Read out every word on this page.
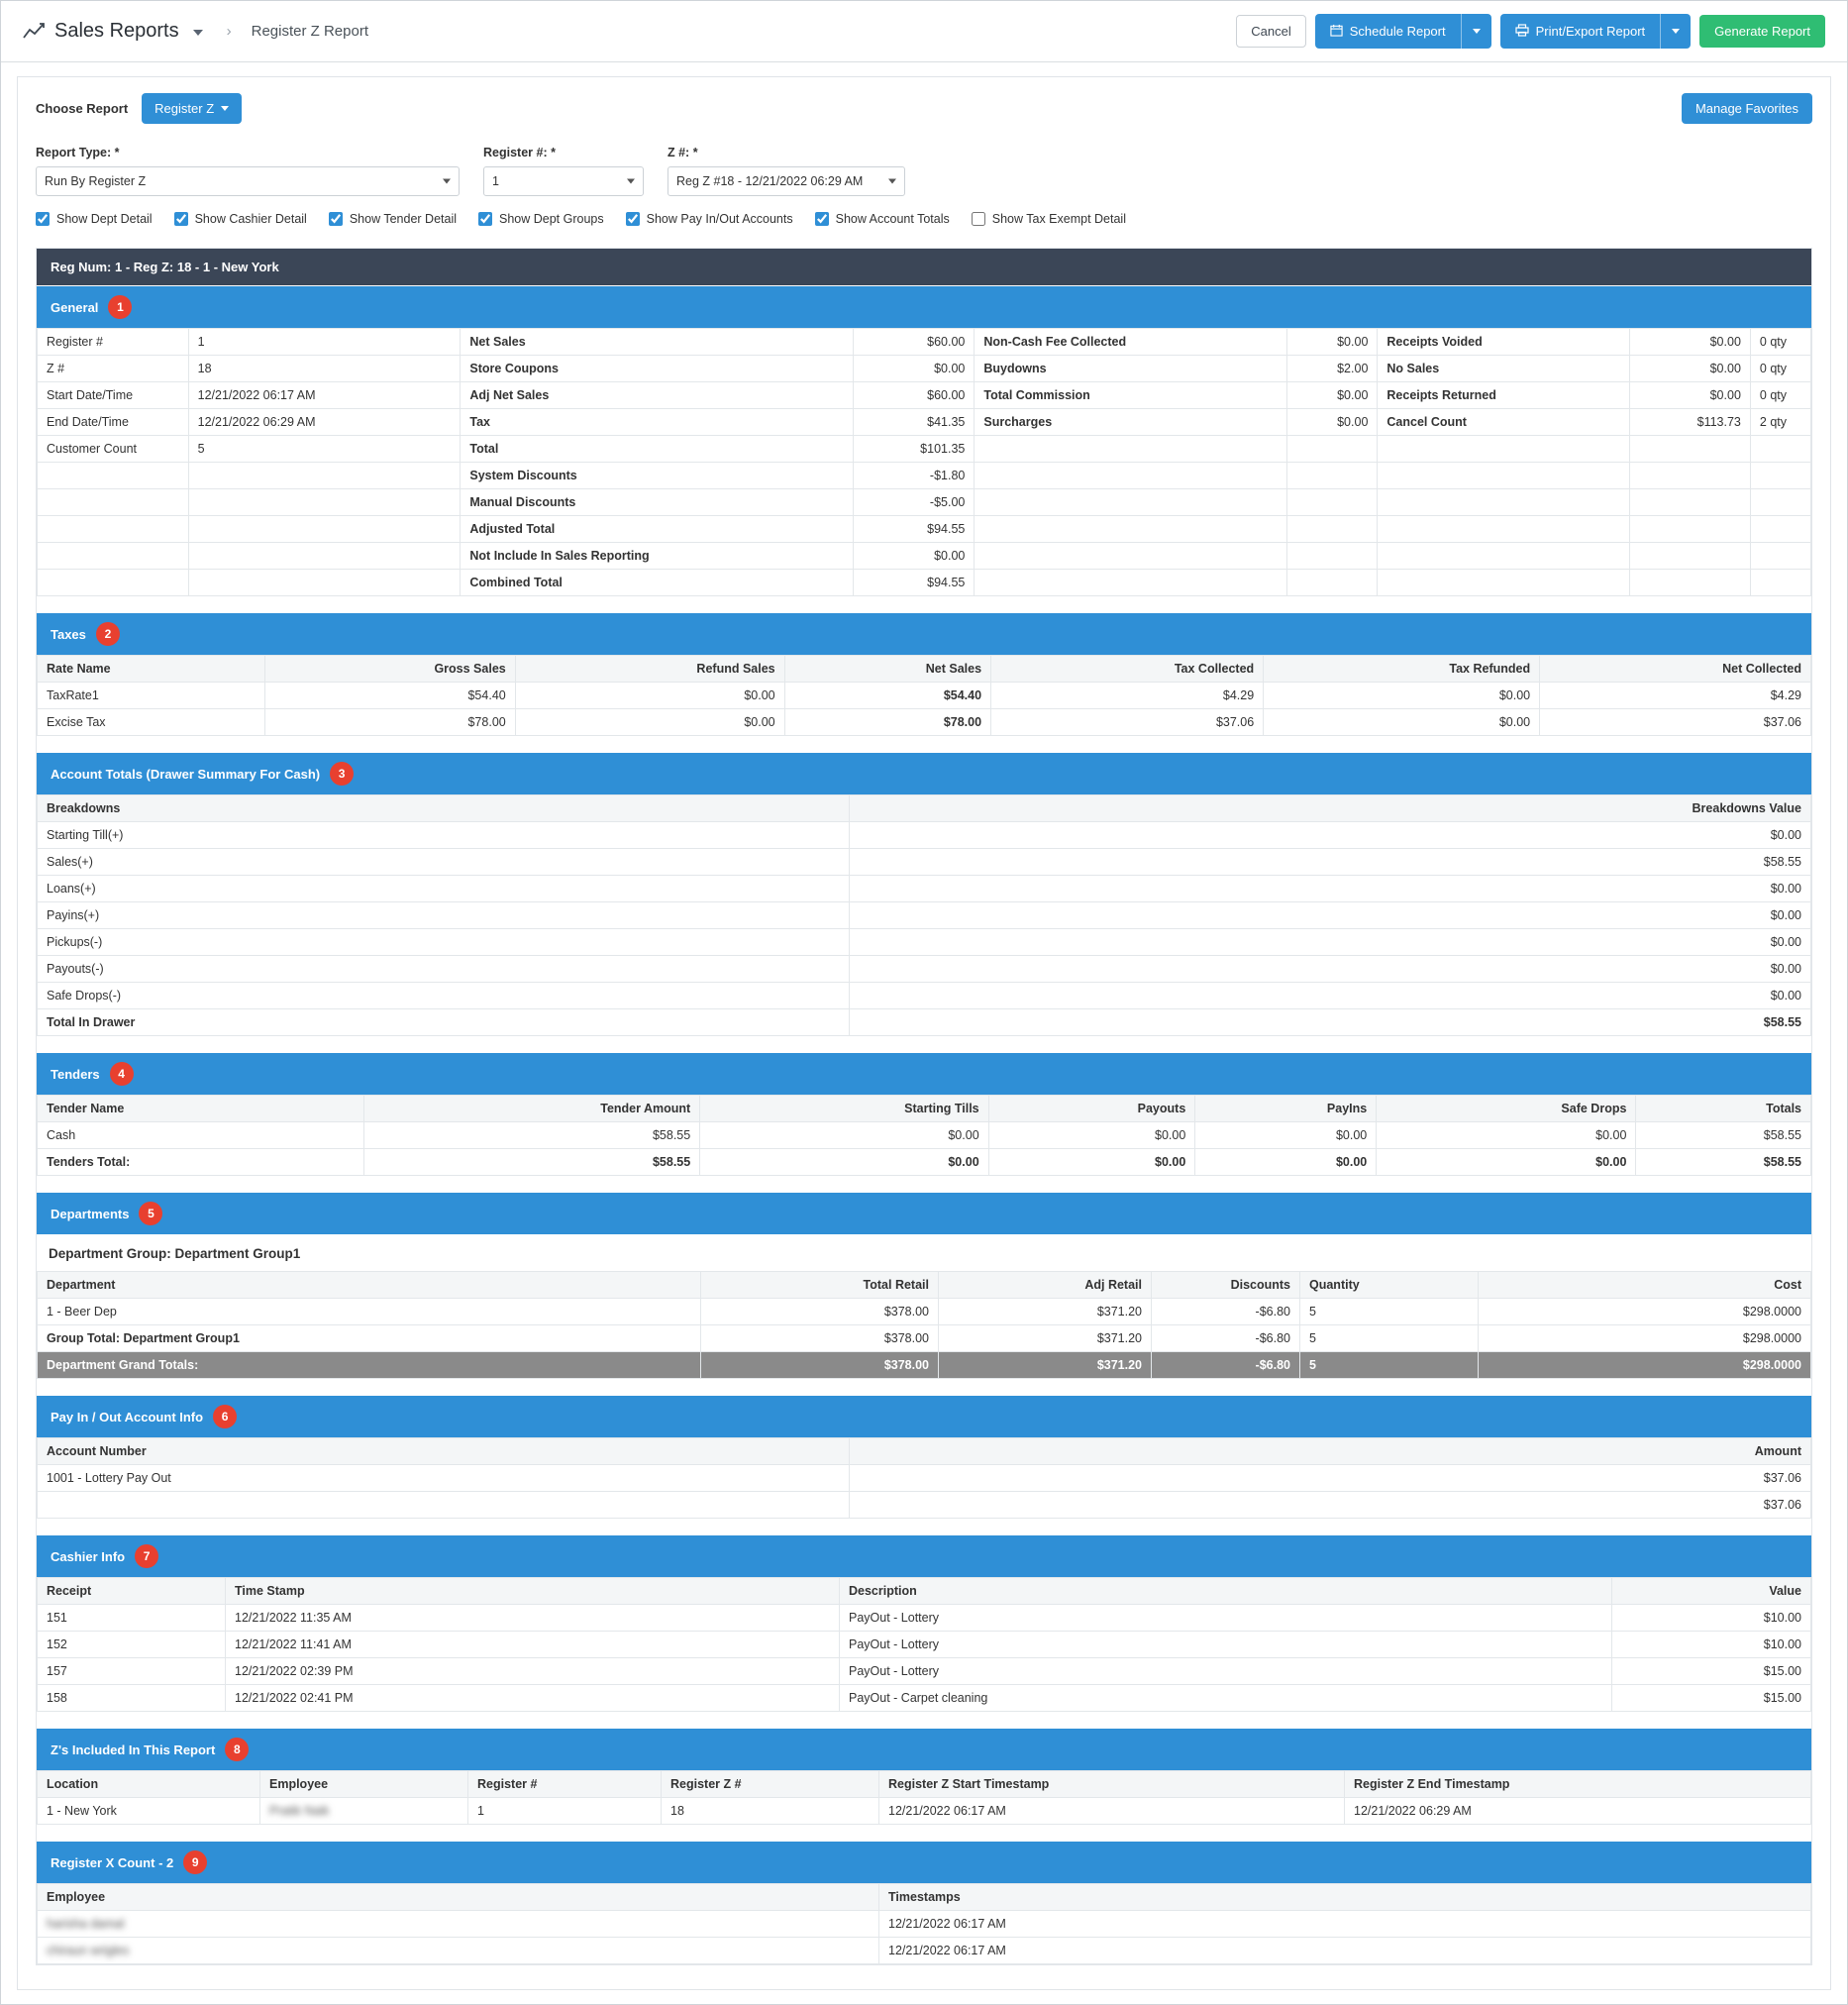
Sales Reports	› Register Z Report	Cancel	Schedule Report	Print/Export Report	Generate Report
Choose Report Register Z	Manage Favorites
Report Type: *
Run By Register Z
Register #: *
1
Z #: *
Reg Z #18 - 12/21/2022 06:29 AM
Show Dept Detail	Show Cashier Detail	Show Tender Detail	Show Dept Groups	Show Pay In/Out Accounts	Show Account Totals	Show Tax Exempt Detail
Reg Num: 1 - Reg Z: 18 - 1 - New York
General	1
Register #	1	Net Sales	$60.00	Non-Cash Fee Collected	$0.00	Receipts Voided	$0.00	0 qty
Z #	18	Store Coupons	$0.00	Buydowns	$2.00	No Sales	$0.00	0 qty
Start Date/Time	12/21/2022 06:17 AM	Adj Net Sales	$60.00	Total Commission	$0.00	Receipts Returned	$0.00	0 qty
End Date/Time	12/21/2022 06:29 AM	Tax	$41.35	Surcharges	$0.00	Cancel Count	$113.73	2 qty
Customer Count	5	Total	$101.35					
		System Discounts	-$1.80					
		Manual Discounts	-$5.00					
		Adjusted Total	$94.55					
		Not Include In Sales Reporting	$0.00					
		Combined Total	$94.55					
Taxes	2
Rate Name	Gross Sales	Refund Sales	Net Sales	Tax Collected	Tax Refunded	Net Collected
TaxRate1	$54.40	$0.00	$54.40	$4.29	$0.00	$4.29
Excise Tax	$78.00	$0.00	$78.00	$37.06	$0.00	$37.06
Account Totals (Drawer Summary For Cash)	3
Breakdowns	Breakdowns Value
Starting Till(+)	$0.00
Sales(+)	$58.55
Loans(+)	$0.00
Payins(+)	$0.00
Pickups(-)	$0.00
Payouts(-)	$0.00
Safe Drops(-)	$0.00
Total In Drawer	$58.55
Tenders	4
Tender Name	Tender Amount	Starting Tills	Payouts	PayIns	Safe Drops	Totals
Cash	$58.55	$0.00	$0.00	$0.00	$0.00	$58.55
Tenders Total:	$58.55	$0.00	$0.00	$0.00	$0.00	$58.55
Departments	5
Department Group: Department Group1
Department	Total Retail	Adj Retail	Discounts	Quantity	Cost
1 - Beer Dep	$378.00	$371.20	-$6.80	5	$298.0000
Group Total: Department Group1	$378.00	$371.20	-$6.80	5	$298.0000
Department Grand Totals:	$378.00	$371.20	-$6.80	5	$298.0000
Pay In / Out Account Info	6
Account Number	Amount
1001 - Lottery Pay Out	$37.06
	$37.06
Cashier Info	7
Receipt	Time Stamp	Description	Value
151	12/21/2022 11:35 AM	PayOut - Lottery	$10.00
152	12/21/2022 11:41 AM	PayOut - Lottery	$10.00
157	12/21/2022 02:39 PM	PayOut - Lottery	$15.00
158	12/21/2022 02:41 PM	PayOut - Carpet cleaning	$15.00
Z's Included In This Report	8
Location	Employee	Register #	Register Z #	Register Z Start Timestamp	Register Z End Timestamp
1 - New York	Pratik Naik	1	18	12/21/2022 06:17 AM	12/21/2022 06:29 AM
Register X Count - 2	9
Employee	Timestamps
harisha damal	12/21/2022 06:17 AM
chiraun wrigles	12/21/2022 06:17 AM
